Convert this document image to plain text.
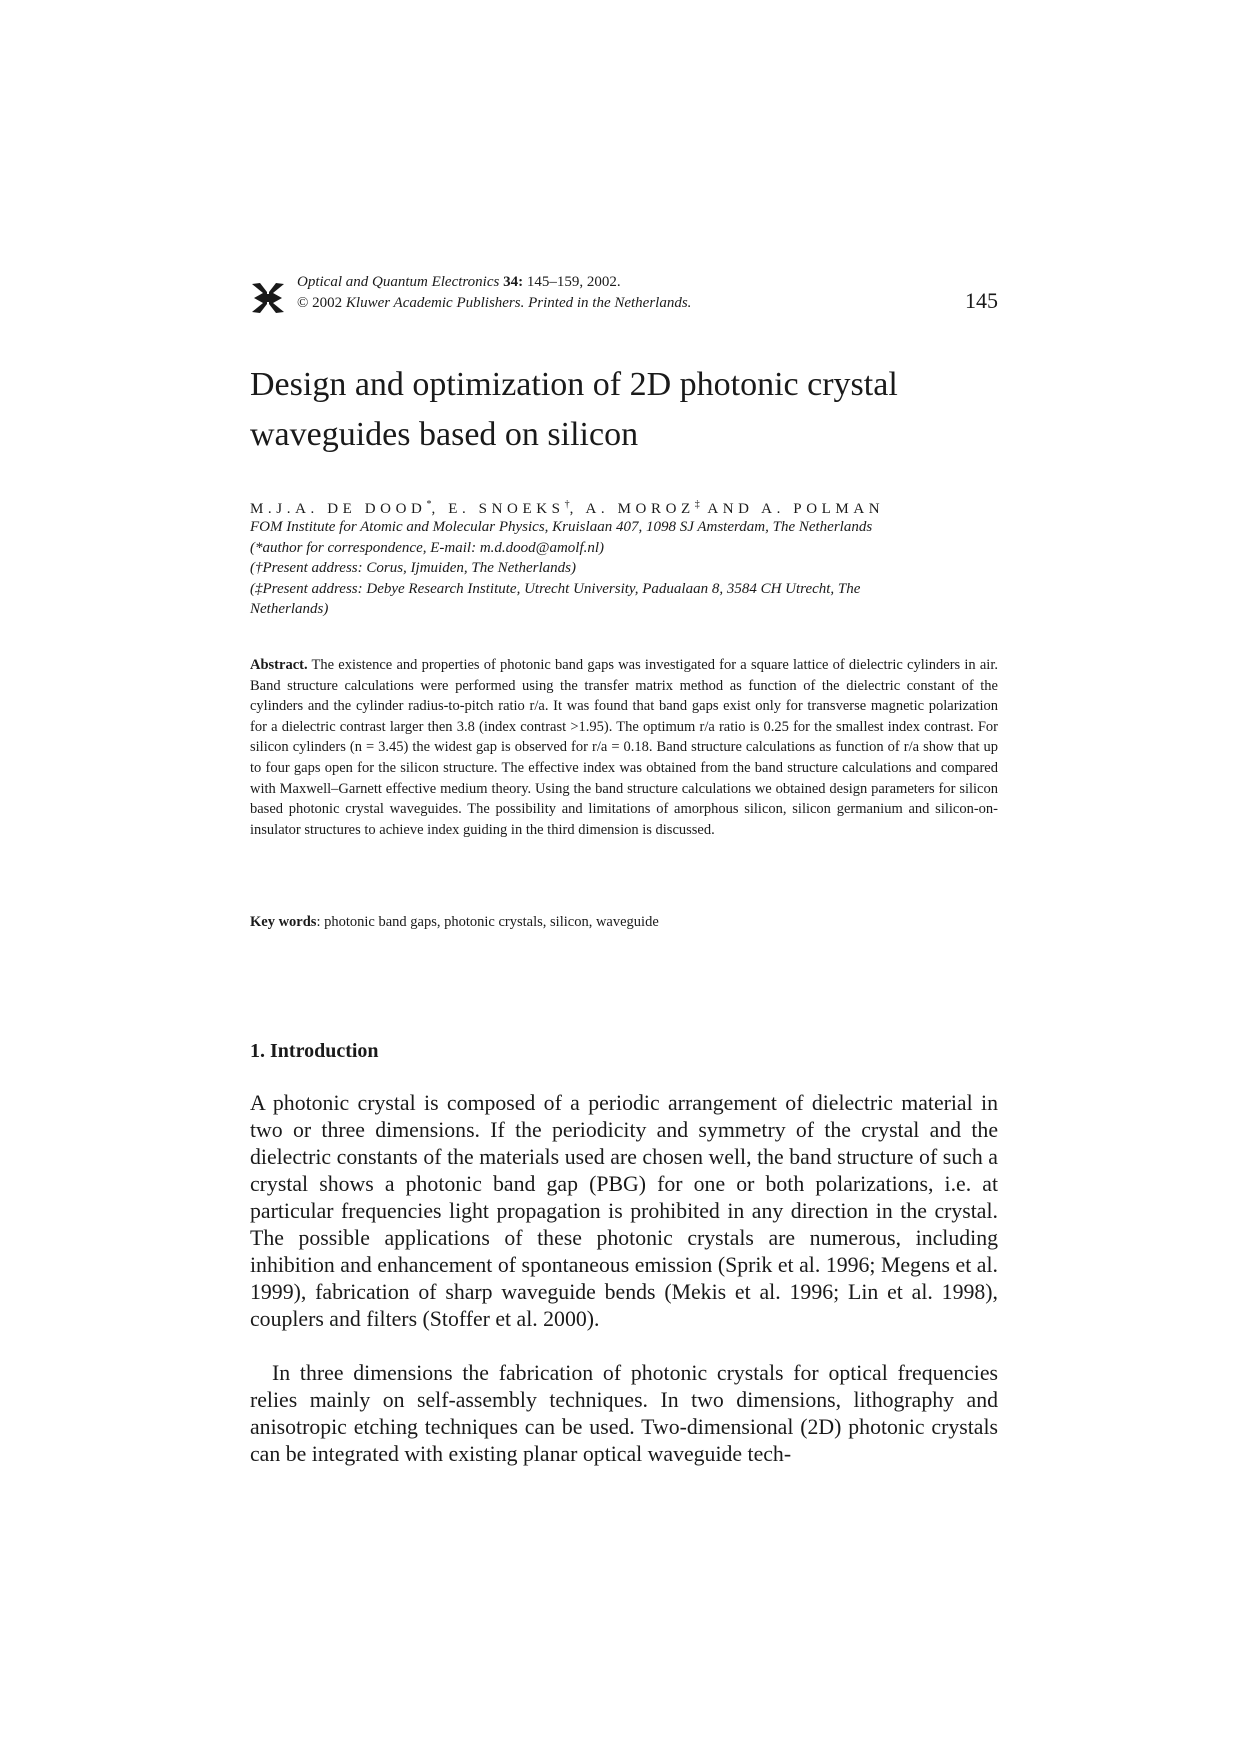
Optical and Quantum Electronics 34: 145–159, 2002.
© 2002 Kluwer Academic Publishers. Printed in the Netherlands.	145
Design and optimization of 2D photonic crystal waveguides based on silicon
M.J.A. DE DOOD*, E. SNOEKS†, A. MOROZ‡ AND A. POLMAN
FOM Institute for Atomic and Molecular Physics, Kruislaan 407, 1098 SJ Amsterdam, The Netherlands
(*author for correspondence, E-mail: m.d.dood@amolf.nl)
(†Present address: Corus, Ijmuiden, The Netherlands)
(‡Present address: Debye Research Institute, Utrecht University, Padualaan 8, 3584 CH Utrecht, The
Netherlands)

Abstract. The existence and properties of photonic band gaps was investigated for a square lattice of dielectric cylinders in air. Band structure calculations were performed using the transfer matrix method as function of the dielectric constant of the cylinders and the cylinder radius-to-pitch ratio r/a. It was found that band gaps exist only for transverse magnetic polarization for a dielectric contrast larger then 3.8 (index contrast >1.95). The optimum r/a ratio is 0.25 for the smallest index contrast. For silicon cylinders (n = 3.45) the widest gap is observed for r/a = 0.18. Band structure calculations as function of r/a show that up to four gaps open for the silicon structure. The effective index was obtained from the band structure calculations and compared with Maxwell–Garnett effective medium theory. Using the band structure calculations we obtained design parameters for silicon based photonic crystal waveguides. The possibility and limitations of amorphous silicon, silicon germanium and silicon-on-insulator structures to achieve index guiding in the third dimension is discussed.

Key words: photonic band gaps, photonic crystals, silicon, waveguide
1. Introduction

A photonic crystal is composed of a periodic arrangement of dielectric material in two or three dimensions. If the periodicity and symmetry of the crystal and the dielectric constants of the materials used are chosen well, the band structure of such a crystal shows a photonic band gap (PBG) for one or both polarizations, i.e. at particular frequencies light propagation is prohibited in any direction in the crystal. The possible applications of these photonic crystals are numerous, including inhibition and enhancement of spontaneous emission (Sprik et al. 1996; Megens et al. 1999), fabrication of sharp waveguide bends (Mekis et al. 1996; Lin et al. 1998), couplers and filters (Stoffer et al. 2000).

In three dimensions the fabrication of photonic crystals for optical frequencies relies mainly on self-assembly techniques. In two dimensions, lithography and anisotropic etching techniques can be used. Two-dimensional (2D) photonic crystals can be integrated with existing planar optical waveguide tech-
